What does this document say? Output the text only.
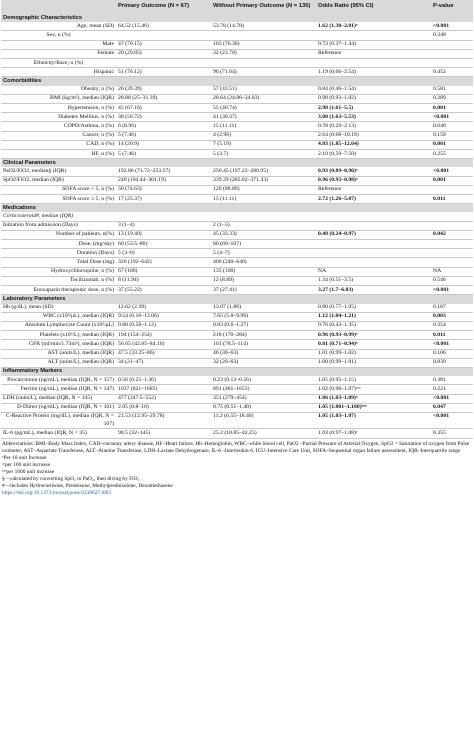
	Primary Outcome (N = 67)	Without Primary Outcome (N = 135)	Odds Ratio (95% CI)	P-value
Demographic Characteristics				
Age, mean (SD)	64.52 (15.46)	53.78 (14.78)	1.62 (1.30–2.01)ᵃ	<0.001
Sex, n (%)				0.348
Male	47 (70.15)	103 (76.30)	0.73 (0.37–1.44)	
Female	20 (29.85)	32 (23.70)	Reference	
Ethnicity/Race, n (%)				
Hispanic	51 (76.12)	96 (71.64)	1.19 (0.66–2.54)	0.452
Comorbidities				
Obesity, n (%)	26 (39.39)	57 (43.51)	0.84 (0.46–1.54)	0.581
BMI (kg/m²), median (IQR)	28.88 (25–31.39)	28.64 (24.86–34.83)	0.98 (0.93–1.02)	0.289
Hypertension, n (%)	45 (67.16)	55 (40.74)	2.98 (1.61–5.5)	0.001
Diabetes Mellitus, n (%)	38 (56.72)	41 (30.37)	3.00 (1.63–5.53)	<0.001
COPD/Asthma, n (%)	6 (8.96)	15 (11.11)	0.78 (0.29–2.13)	0.640
Cancer, n (%)	5 (7.46)	4 (2.96)	2.64 (0.68–10.18)	0.158
CAD, n (%)	14 (20.9)	7 (5.19)	4.83 (1.85–12.64)	0.001
HF, n (%)	5 (7.46)	5 (3.7)	2.10 (0.59–7.50)	0.255
Clinical Parameters				
PaO2/FiO2, median§ (IQR)	192.86 (71.72–253.57)	256.45 (197.22–280.95)	0.93 (0.89–0.96)ᵃ	<0.001
SpO2/FiO2, median (IQR)	240 (104.44–301.19)	339.29 (265.82–371.43)	0.96 (0.93–0.98)ᵃ	0.001
SOFA score < 5, n (%)	50 (74.63)	120 (88.89)	Reference	
SOFA score ≥ 5, n (%)	17 (25.37)	15 (11.11)	2.72 (1.26–5.87)	0.011
Medications				
Corticosteroid#, median (IQR)				
Initiation from admission (Days)	3 (1–4)	2 (1–5)		
Number of patients, n(%)	13 (19.40)	45 (33.33)	0.48 (0.24–0.97)	0.042
Dose, (mg/day)	60 (53.5–80)	80 (60–107)		
Duration (Days)	5 (3–6)	5 (4–7)		
Total Dose (mg)	320 (192–642)	400 (240–640)		
Hydroxychloroquine, n (%)	67 (100)	135 (100)	NA	NA
Tocilizumab, n (%)	8 (11.94)	12 (8.89)	1.34 (0.51–3.5)	0.546
Enoxaparin therapeutic dose, n (%)	37 (55.22)	37 (27.41)	3.27 (1.7–6.03)	<0.001
Laboratory Parameters				
Hb (g/dL), mean (SD)	12.62 (2.39)	13.07 (1.89)	0.90 (0.77–1.05)	0.187
WBC (x10³/μL), median (IQR)	9.54 (6.16–13.06)	7.65 (5.8–9.96)	1.12 (1.04–1.21)	0.003
Absolute Lymphocyte Count (x10³/μL)	0.80 (0.58–1.12)	0.83 (0.6–1.27)	0.76 (0.43–1.35)	0.354
Platelets (x10³/L), median (IQR)	194 (154–254)	218 (170–284)	0.96 (0.93–0.99)ᵃ	0.011
GFR (ml/min/1.73m²), median (IQR)	56.65 (42.85–84.16)	101 (78.5–114)	0.81 (0.71–0.94)ᵃ	<0.001
AST (units/L), median (IQR)	47.5 (33.25–86)	46 (30–63)	1.01 (0.99–1.02)	0.106
ALT (units/L), median (IQR)	34 (21–47)	32 (20–63)	1.00 (0.99–1.01)	0.839
Inflammatory Markers				
Procalcitonin (ng/mL), median (IQR, N = 157)	0.56 (0.25–1.36)	0.23 (0.13–0.56)	1.05 (0.95–1.15)	0.381
Ferritin (ng/mL), median (IQR, N = 147)	1037 (821–1685)	891 (481–1653)	1.02 (0.98–1.07)ᵃᵃᵃ	0.221
LDH (units/L), median (IQR, N = 145)	477 (347.5–552)	351 (279–454)	1.06 (1.03–1.09)ᵃ	<0.001
D-Dimer (ng/mL), median (IQR, N = 161)	2.05 (0.8–10)	0.75 (0.51–1.40)	1.05 (1.001–1.100)ᵃᵃᵃ	0.047
C-Reactive Protein (mg/dL), median (IQR, N = 167)	21.53 (12.95–29.78)	11.2 (6.55–18.40)	1.05 (1.03–1.07)	<0.001
IL-6 (pg/mL), median (IQR, N = 35)	90.5 (32–145)	25.2 (18.85–42.25)	1.03 (0.97–1.08)ᵃ	0.355

Abbreviations: BMI–Body Mass Index, CAD–coronary artery disease, HF–Heart failure, Hb–Hemoglobin, WBC–white blood cell, PaO2 –Partial Pressure of Arterial Oxygen, SpO2 = Saturation of oxygen from Pulse oximeter, AST–Aspartate Transferase, ALT–Alanine Transferase, LDH–Lactate Dehydrogenase, IL-6 –Interleukin-6, ICU–Intensive Care Unit, SOFA–Sequential organ failure assessment, IQR–Interquartile range

ᵃPer 10 unit Increase

ᵃᵃper 100 unit increase

ᵃᵃᵃper 1000 unit increase

§—calculated by converting SpO₂ to PaO₂, then diving by FiO₂

#—includes Hydrocortisone, Prednisone, Methylprednisolone, Dexamethasone

https://doi.org/10.1371/journal.pone.0238827.t002
